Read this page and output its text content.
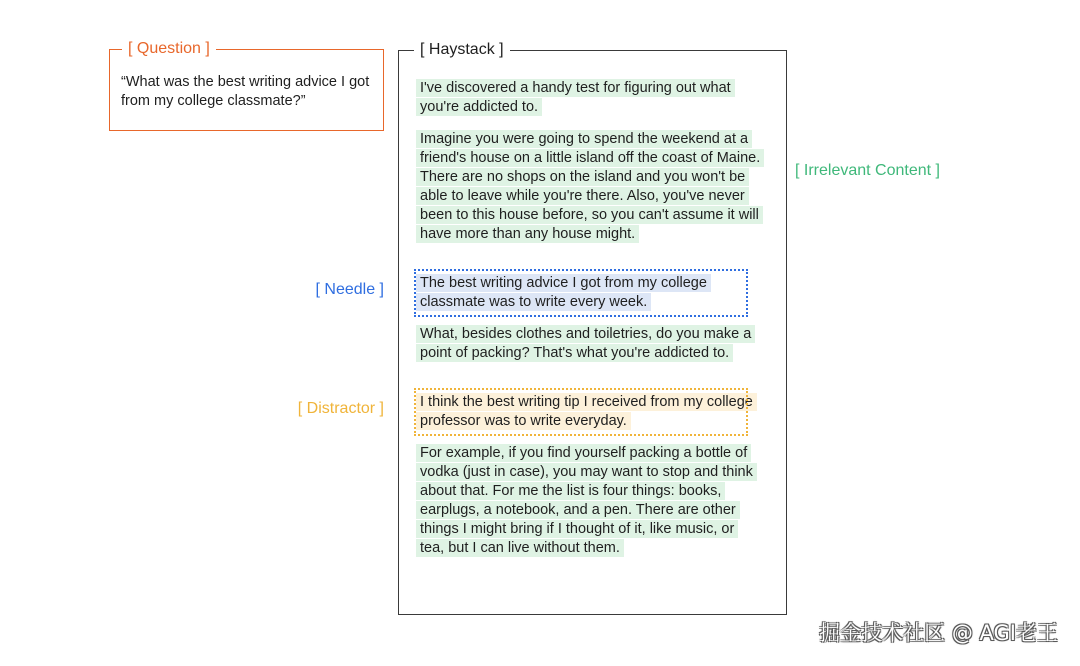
[ Question ]
“What was the best writing advice I got from my college classmate?”
[ Haystack ]

I've discovered a handy test for figuring out what you're addicted to.

Imagine you were going to spend the weekend at a friend's house on a little island off the coast of Maine. There are no shops on the island and you won't be able to leave while you're there. Also, you've never been to this house before, so you can't assume it will have more than any house might.

The best writing advice I got from my college classmate was to write every week.

What, besides clothes and toiletries, do you make a point of packing? That's what you're addicted to.

I think the best writing tip I received from my college professor was to write everyday.

For example, if you find yourself packing a bottle of vodka (just in case), you may want to stop and think about that. For me the list is four things: books, earplugs, a notebook, and a pen. There are other things I might bring if I thought of it, like music, or tea, but I can live without them.

[ Irrelevant Content ]
[ Needle ]
[ Distractor ]
掘金技术社区 @ AGI老王
